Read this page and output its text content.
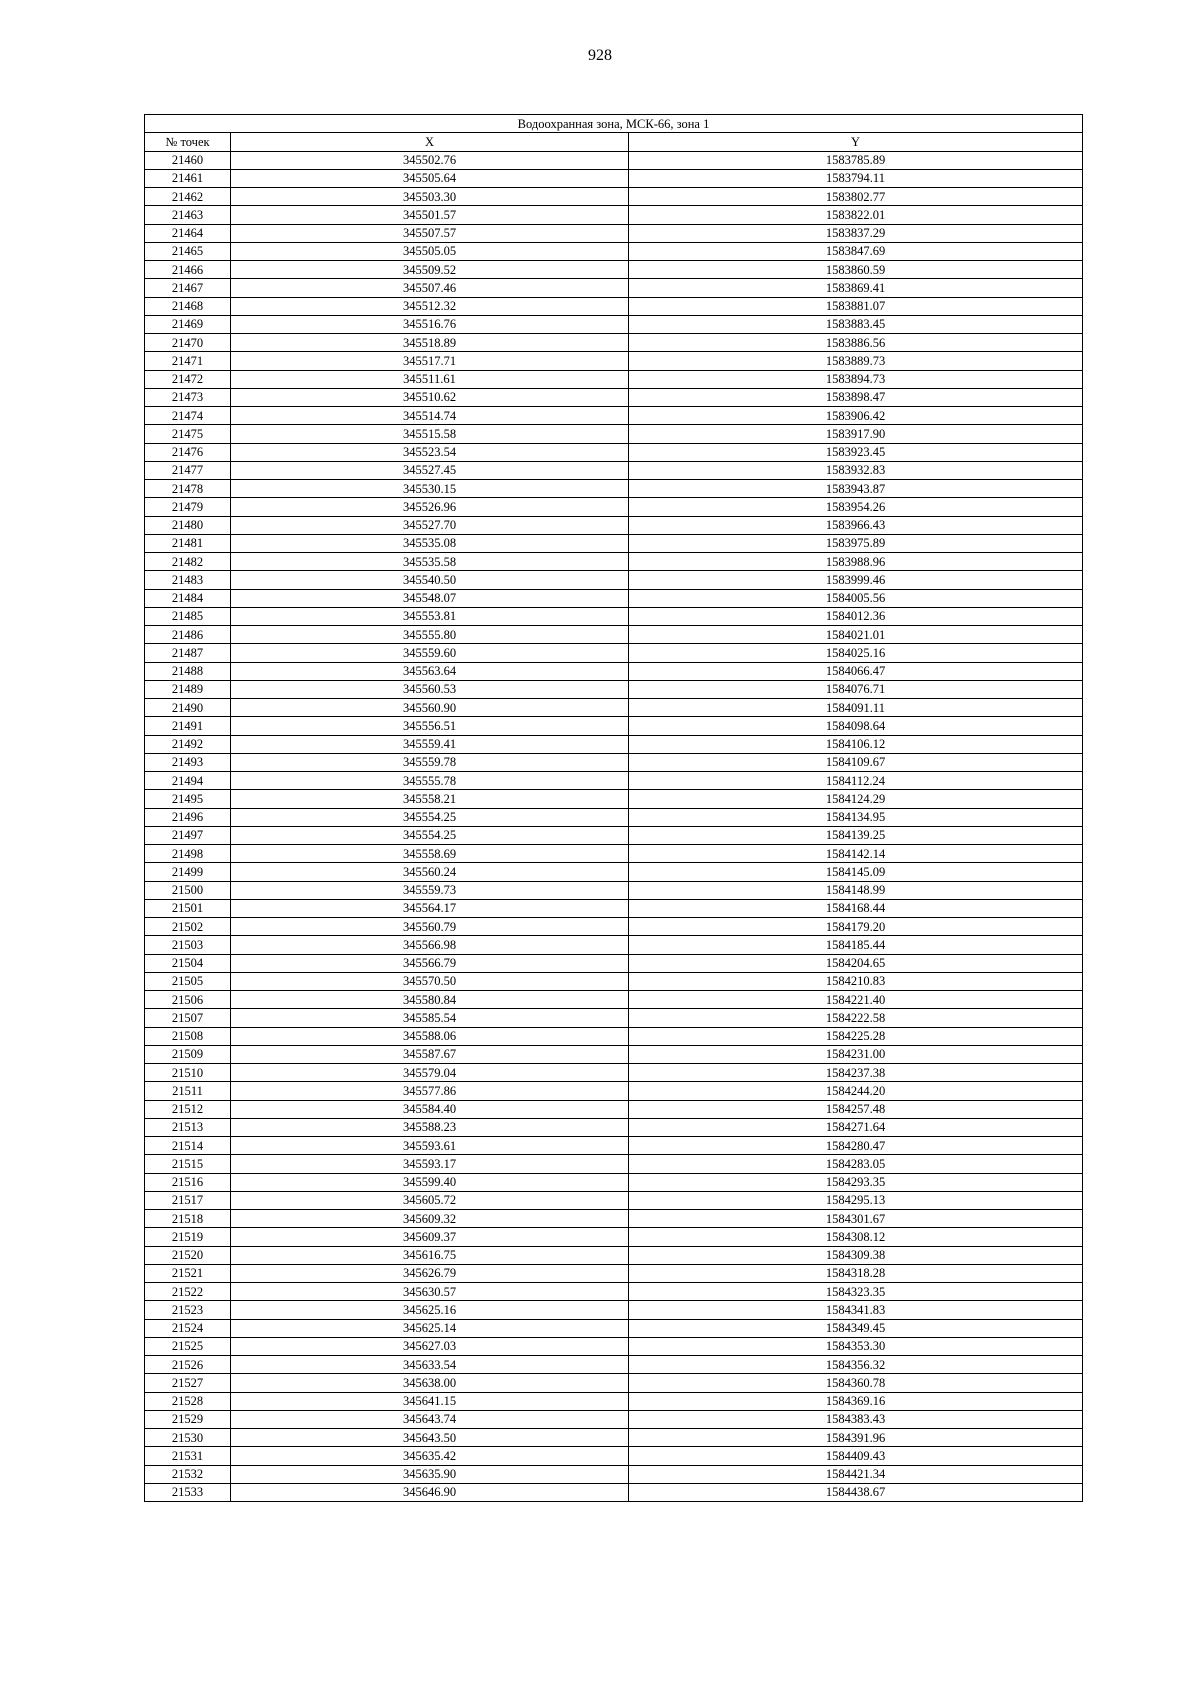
928
Водоохранная зона, МСК-66, зона 1		
№ точек	X	Y
21460	345502.76	1583785.89
21461	345505.64	1583794.11
21462	345503.30	1583802.77
21463	345501.57	1583822.01
21464	345507.57	1583837.29
21465	345505.05	1583847.69
21466	345509.52	1583860.59
21467	345507.46	1583869.41
21468	345512.32	1583881.07
21469	345516.76	1583883.45
21470	345518.89	1583886.56
21471	345517.71	1583889.73
21472	345511.61	1583894.73
21473	345510.62	1583898.47
21474	345514.74	1583906.42
21475	345515.58	1583917.90
21476	345523.54	1583923.45
21477	345527.45	1583932.83
21478	345530.15	1583943.87
21479	345526.96	1583954.26
21480	345527.70	1583966.43
21481	345535.08	1583975.89
21482	345535.58	1583988.96
21483	345540.50	1583999.46
21484	345548.07	1584005.56
21485	345553.81	1584012.36
21486	345555.80	1584021.01
21487	345559.60	1584025.16
21488	345563.64	1584066.47
21489	345560.53	1584076.71
21490	345560.90	1584091.11
21491	345556.51	1584098.64
21492	345559.41	1584106.12
21493	345559.78	1584109.67
21494	345555.78	1584112.24
21495	345558.21	1584124.29
21496	345554.25	1584134.95
21497	345554.25	1584139.25
21498	345558.69	1584142.14
21499	345560.24	1584145.09
21500	345559.73	1584148.99
21501	345564.17	1584168.44
21502	345560.79	1584179.20
21503	345566.98	1584185.44
21504	345566.79	1584204.65
21505	345570.50	1584210.83
21506	345580.84	1584221.40
21507	345585.54	1584222.58
21508	345588.06	1584225.28
21509	345587.67	1584231.00
21510	345579.04	1584237.38
21511	345577.86	1584244.20
21512	345584.40	1584257.48
21513	345588.23	1584271.64
21514	345593.61	1584280.47
21515	345593.17	1584283.05
21516	345599.40	1584293.35
21517	345605.72	1584295.13
21518	345609.32	1584301.67
21519	345609.37	1584308.12
21520	345616.75	1584309.38
21521	345626.79	1584318.28
21522	345630.57	1584323.35
21523	345625.16	1584341.83
21524	345625.14	1584349.45
21525	345627.03	1584353.30
21526	345633.54	1584356.32
21527	345638.00	1584360.78
21528	345641.15	1584369.16
21529	345643.74	1584383.43
21530	345643.50	1584391.96
21531	345635.42	1584409.43
21532	345635.90	1584421.34
21533	345646.90	1584438.67
